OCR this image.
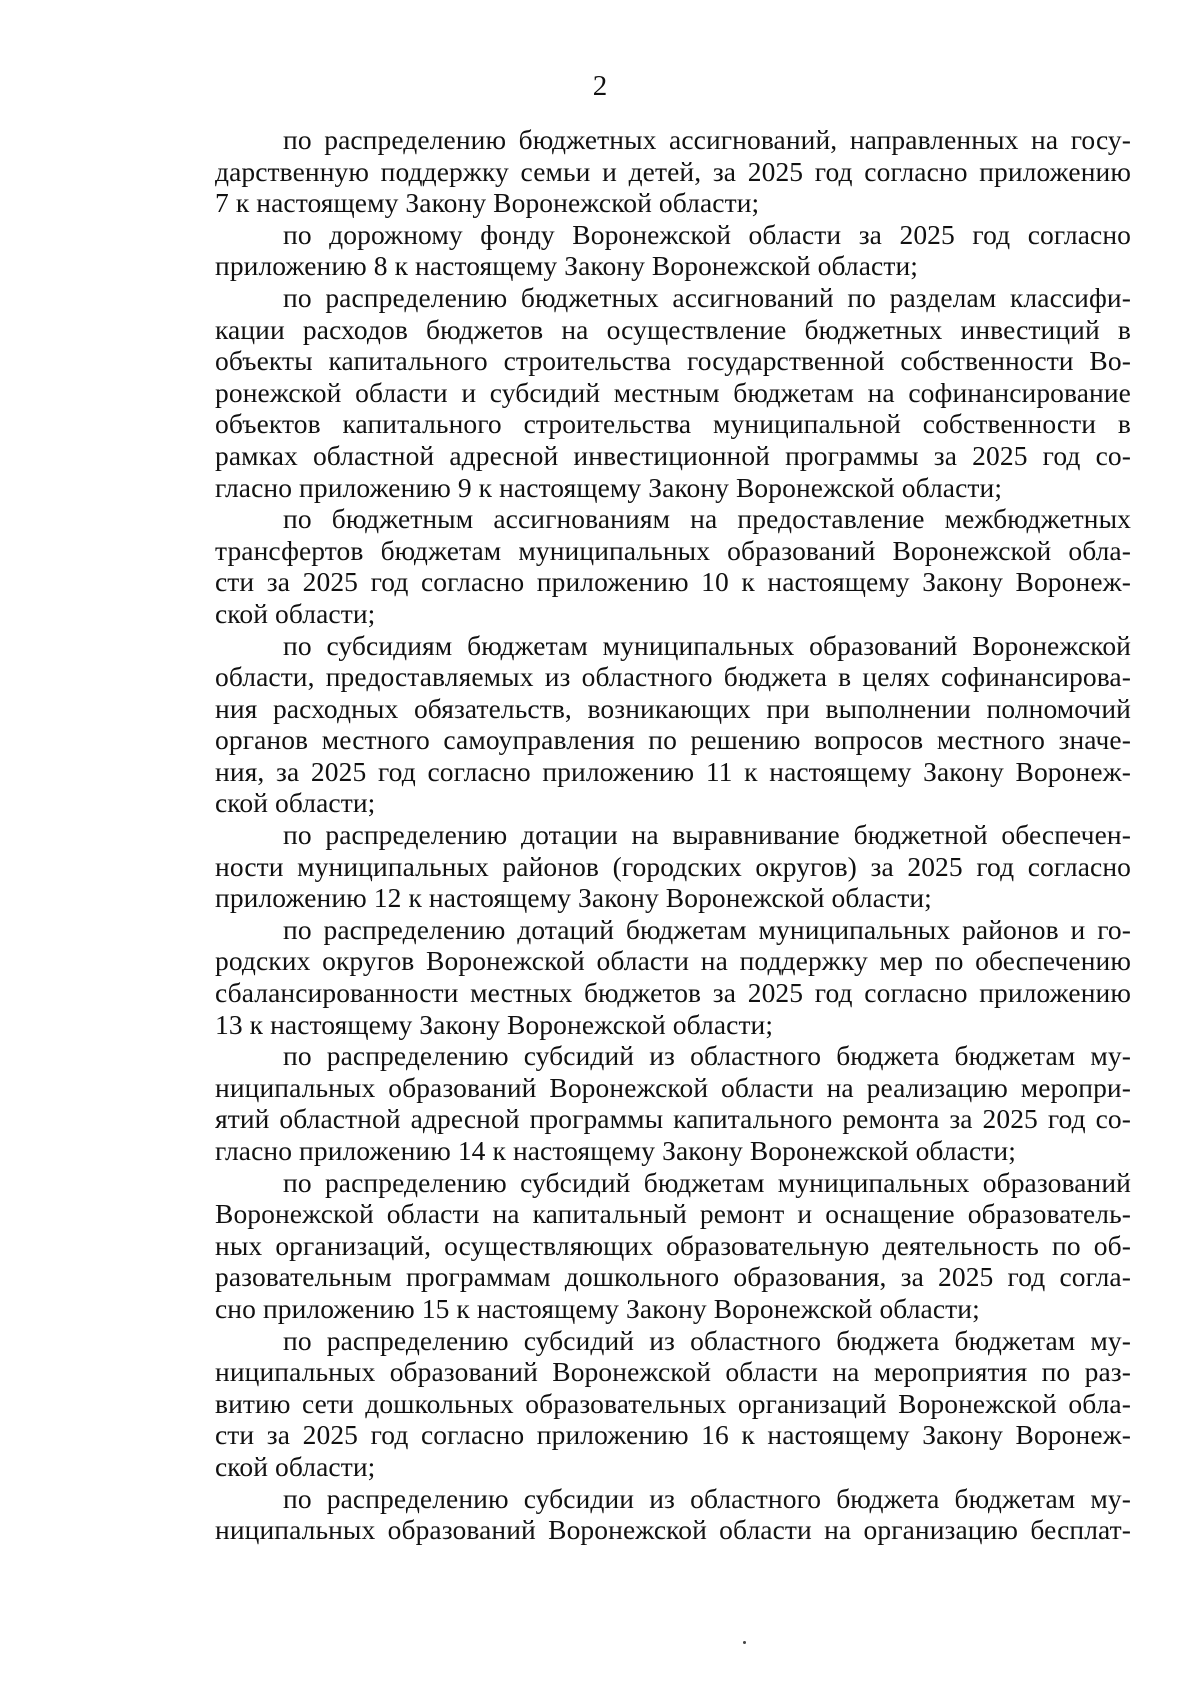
2
по распределению бюджетных ассигнований, направленных на госу-
дарственную поддержку семьи и детей, за 2025 год согласно приложению
7 к настоящему Закону Воронежской области;
по дорожному фонду Воронежской области за 2025 год согласно
приложению 8 к настоящему Закону Воронежской области;
по распределению бюджетных ассигнований по разделам классифи-
кации расходов бюджетов на осуществление бюджетных инвестиций в
объекты капитального строительства государственной собственности Во-
ронежской области и субсидий местным бюджетам на софинансирование
объектов капитального строительства муниципальной собственности в
рамках областной адресной инвестиционной программы за 2025 год со-
гласно приложению 9 к настоящему Закону Воронежской области;
по бюджетным ассигнованиям на предоставление межбюджетных
трансфертов бюджетам муниципальных образований Воронежской обла-
сти за 2025 год согласно приложению 10 к настоящему Закону Воронеж-
ской области;
по субсидиям бюджетам муниципальных образований Воронежской
области, предоставляемых из областного бюджета в целях софинансирова-
ния расходных обязательств, возникающих при выполнении полномочий
органов местного самоуправления по решению вопросов местного значе-
ния, за 2025 год согласно приложению 11 к настоящему Закону Воронеж-
ской области;
по распределению дотации на выравнивание бюджетной обеспечен-
ности муниципальных районов (городских округов) за 2025 год согласно
приложению 12 к настоящему Закону Воронежской области;
по распределению дотаций бюджетам муниципальных районов и го-
родских округов Воронежской области на поддержку мер по обеспечению
сбалансированности местных бюджетов за 2025 год согласно приложению
13 к настоящему Закону Воронежской области;
по распределению субсидий из областного бюджета бюджетам му-
ниципальных образований Воронежской области на реализацию меропри-
ятий областной адресной программы капитального ремонта за 2025 год со-
гласно приложению 14 к настоящему Закону Воронежской области;
по распределению субсидий бюджетам муниципальных образований
Воронежской области на капитальный ремонт и оснащение образователь-
ных организаций, осуществляющих образовательную деятельность по об-
разовательным программам дошкольного образования, за 2025 год согла-
сно приложению 15 к настоящему Закону Воронежской области;
по распределению субсидий из областного бюджета бюджетам му-
ниципальных образований Воронежской области на мероприятия по раз-
витию сети дошкольных образовательных организаций Воронежской обла-
сти за 2025 год согласно приложению 16 к настоящему Закону Воронеж-
ской области;
по распределению субсидии из областного бюджета бюджетам му-
ниципальных образований Воронежской области на организацию бесплат-
